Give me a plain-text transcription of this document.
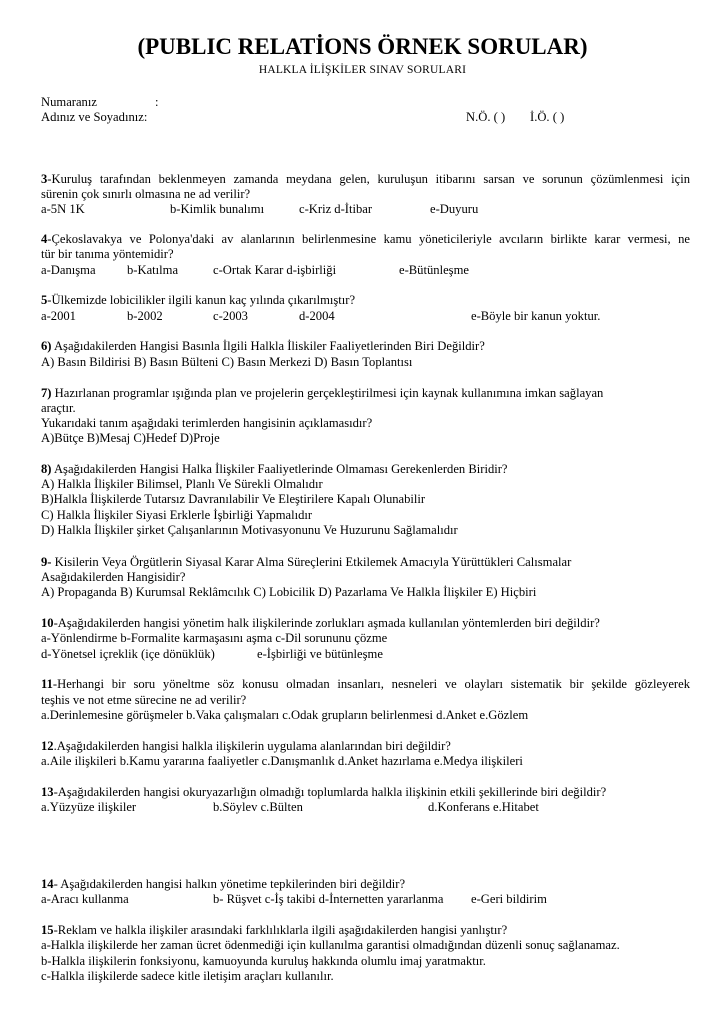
(PUBLIC RELATİONS ÖRNEK SORULAR)
HALKLA İLİŞKİLER SINAV SORULARI
Numaranız	:
Adınız ve Soyadınız:	N.Ö. ( ) İ.Ö. ( )
3-Kuruluş tarafından beklenmeyen zamanda meydana gelen, kuruluşun itibarını sarsan ve sorunun çözümlenmesi için
sürenin çok sınırlı olmasına ne ad verilir?
a-5N 1K	b-Kimlik bunalımı	c-Kriz d-İtibar	e-Duyuru
4-Çekoslavakya ve Polonya'daki av alanlarının belirlenmesine kamu yöneticileriyle avcıların birlikte karar vermesi, ne
tür bir tanıma yöntemidir?
a-Danışma b-Katılma	c-Ortak Karar d-işbirliği	e-Bütünleşme
5-Ülkemizde lobicilikler ilgili kanun kaç yılında çıkarılmıştır?
a-2001	b-2002	c-2003	d-2004	e-Böyle bir kanun yoktur.
6) Aşağıdakilerden Hangisi Basınla İlgili Halkla İliskiler Faaliyetlerinden Biri Değildir?
A) Basın Bildirisi B) Basın Bülteni C) Basın Merkezi D) Basın Toplantısı
7) Hazırlanan programlar ışığında plan ve projelerin gerçekleştirilmesi için kaynak kullanımına imkan sağlayan
araçtır.
Yukarıdaki tanım aşağıdaki terimlerden hangisinin açıklamasıdır?
A)Bütçe B)Mesaj C)Hedef D)Proje
8) Aşağıdakilerden Hangisi Halka İlişkiler Faaliyetlerinde Olmaması Gerekenlerden Biridir?
A) Halkla İlişkiler Bilimsel, Planlı Ve Sürekli Olmalıdır
B)Halkla İlişkilerde Tutarsız Davranılabilir Ve Eleştirilere Kapalı Olunabilir
C) Halkla İlişkiler Siyasi Erklerle İşbirliği Yapmalıdır
D) Halkla İlişkiler şirket Çalışanlarının Motivasyonunu Ve Huzurunu Sağlamalıdır
9- Kisilerin Veya Örgütlerin Siyasal Karar Alma Süreçlerini Etkilemek Amacıyla Yürüttükleri Calısmalar
Asağıdakilerden Hangisidir?
A) Propaganda B) Kurumsal Reklâmcılık C) Lobicilik D) Pazarlama Ve Halkla İlişkiler E) Hiçbiri
10-Aşağıdakilerden hangisi yönetim halk ilişkilerinde zorlukları aşmada kullanılan yöntemlerden biri değildir?
a-Yönlendirme b-Formalite karmaşasını aşma c-Dil sorununu çözme
d-Yönetsel içreklik (içe dönüklük)	e-İşbirliği ve bütünleşme
11-Herhangi bir soru yöneltme söz konusu olmadan insanları, nesneleri ve olayları sistematik bir şekilde gözleyerek
teşhis ve not etme sürecine ne ad verilir?
a.Derinlemesine görüşmeler b.Vaka çalışmaları c.Odak grupların belirlenmesi d.Anket e.Gözlem
12.Aşağıdakilerden hangisi halkla ilişkilerin uygulama alanlarından biri değildir?
a.Aile ilişkileri b.Kamu yararına faaliyetler c.Danışmanlık d.Anket hazırlama e.Medya ilişkileri
13-Aşağıdakilerden hangisi okuryazarlığın olmadığı toplumlarda halkla ilişkinin etkili şekillerinde biri değildir?
a.Yüzyüze ilişkiler	b.Söylev c.Bülten	d.Konferans e.Hitabet
14- Aşağıdakilerden hangisi halkın yönetime tepkilerinden biri değildir?
a-Aracı kullanma	b- Rüşvet c-İş takibi d-İnternetten yararlanma e-Geri bildirim
15-Reklam ve halkla ilişkiler arasındaki farklılıklarla ilgili aşağıdakilerden hangisi yanlıştır?
a-Halkla ilişkilerde her zaman ücret ödenmediği için kullanılma garantisi olmadığından düzenli sonuç sağlanamaz.
b-Halkla ilişkilerin fonksiyonu, kamuoyunda kuruluş hakkında olumlu imaj yaratmaktır.
c-Halkla ilişkilerde sadece kitle iletişim araçları kullanılır.
